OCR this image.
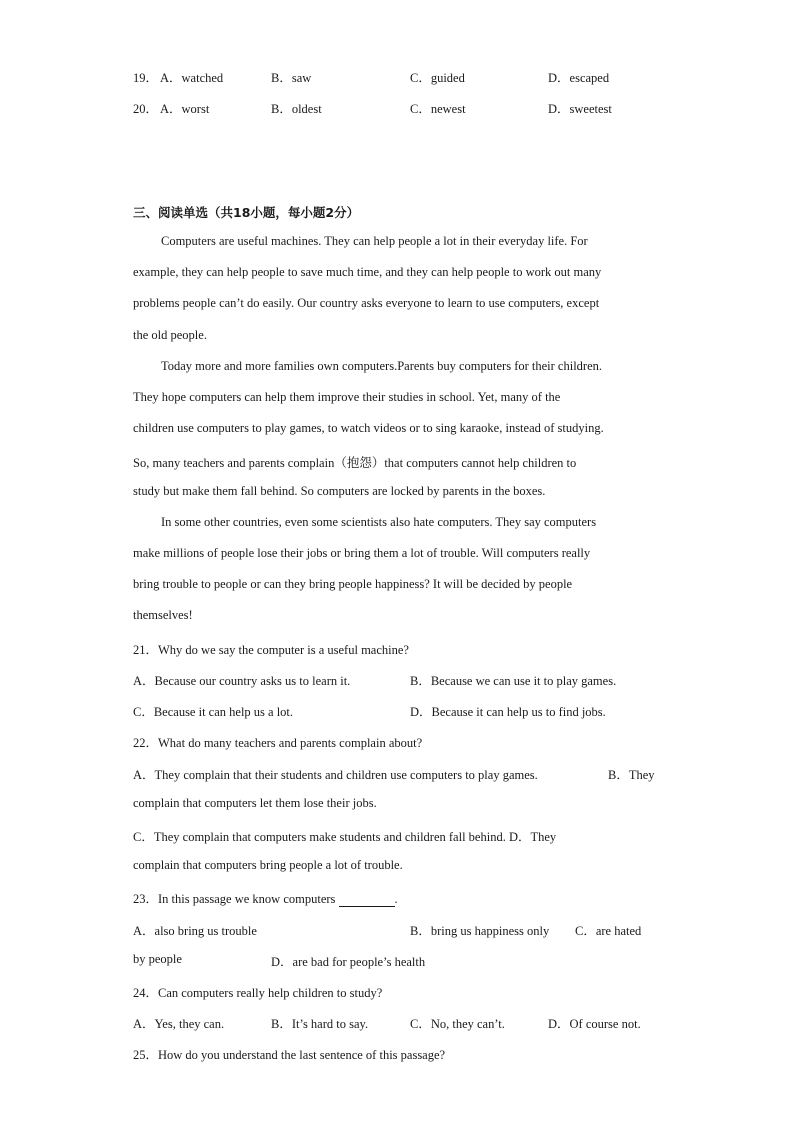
19． A．watched	B．saw	C．guided	D．escaped
20． A．worst	B．oldest	C．newest	D．sweetest
三、阅读单选（共18小题，每小题2分）
Computers are useful machines. They can help people a lot in their everyday life. For
example, they can help people to save much time, and they can help people to work out many
problems people can’t do easily. Our country asks everyone to learn to use computers, except
the old people.
Today more and more families own computers.Parents buy computers for their children.
They hope computers can help them improve their studies in school. Yet, many of the
children use computers to play games, to watch videos or to sing karaoke, instead of studying.
So, many teachers and parents complain（抱怨）that computers cannot help children to
study but make them fall behind. So computers are locked by parents in the boxes.
In some other countries, even some scientists also hate computers. They say computers
make millions of people lose their jobs or bring them a lot of trouble. Will computers really
bring trouble to people or can they bring people happiness? It will be decided by people
themselves!
21．Why do we say the computer is a useful machine?
A．Because our country asks us to learn it.	B．Because we can use it to play games.
C．Because it can help us a lot.	D．Because it can help us to find jobs.
22．What do many teachers and parents complain about?
A．They complain that their students and children use computers to play games.	B．They
complain that computers let them lose their jobs.
C．They complain that computers make students and children fall behind. D．They
complain that computers bring people a lot of trouble.
23．In this passage we know computers	.
A．also bring us trouble	B．bring us happiness only C．are hated
by people	D．are bad for people’s health
24．Can computers really help children to study?
A．Yes, they can.	B．It’s hard to say.	C．No, they can’t.	D．Of course not.
25．How do you understand the last sentence of this passage?
